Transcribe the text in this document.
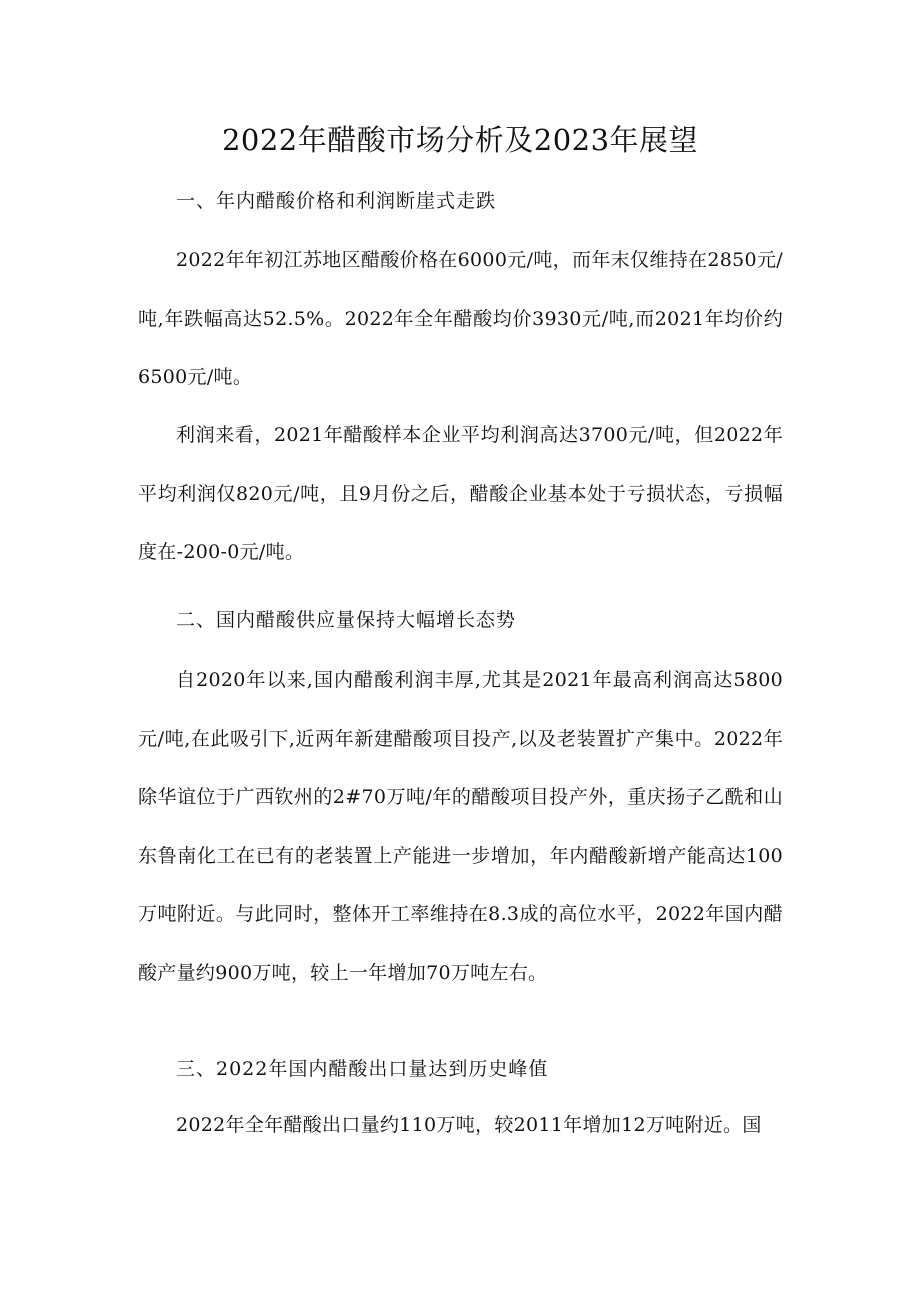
2022年醋酸市场分析及2023年展望
一、年内醋酸价格和利润断崖式走跌

2022年年初江苏地区醋酸价格在6000元/吨，而年末仅维持在2850元/吨,年跌幅高达52.5%。2022年全年醋酸均价3930元/吨,而2021年均价约6500元/吨。

利润来看，2021年醋酸样本企业平均利润高达3700元/吨，但2022年平均利润仅820元/吨，且9月份之后，醋酸企业基本处于亏损状态，亏损幅度在-200-0元/吨。

二、国内醋酸供应量保持大幅增长态势

自2020年以来,国内醋酸利润丰厚,尤其是2021年最高利润高达5800元/吨,在此吸引下,近两年新建醋酸项目投产,以及老装置扩产集中。2022年除华谊位于广西钦州的2#70万吨/年的醋酸项目投产外，重庆扬子乙酰和山东鲁南化工在已有的老装置上产能进一步增加，年内醋酸新增产能高达100万吨附近。与此同时，整体开工率维持在8.3成的高位水平，2022年国内醋酸产量约900万吨，较上一年增加70万吨左右。

三、2022年国内醋酸出口量达到历史峰值

2022年全年醋酸出口量约110万吨，较2011年增加12万吨附近。国
